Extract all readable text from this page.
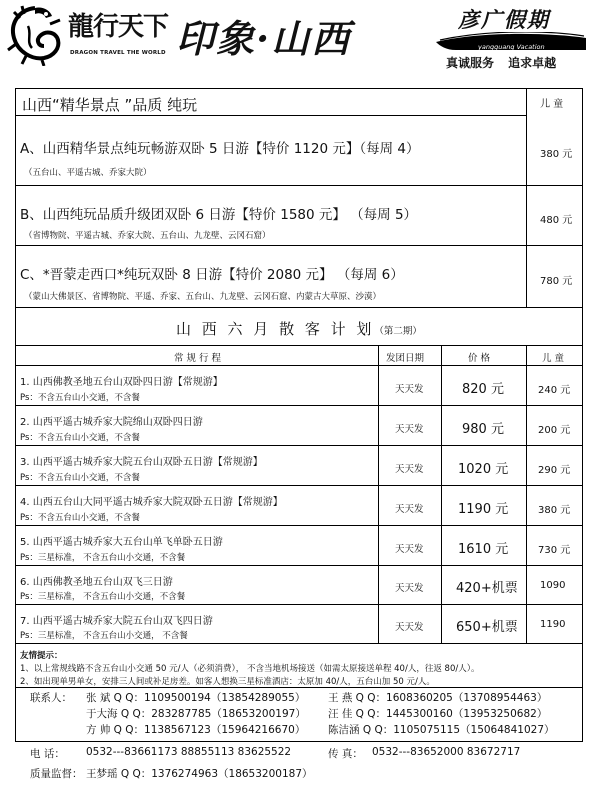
龍行天下
DRAGON TRAVEL THE WORLD 印象·山西	彦广假期
yangguang Vacation
真诚服务 追求卓越
山西“精华景点 ”品质 纯玩	儿 童
A、山西精华景点纯玩畅游双卧 5 日游【特价 1120 元】（每周 4）
（五台山、平遥古城、乔家大院）
380 元
B、山西纯玩品质升级团双卧 6 日游【特价 1580 元】 （每周 5）
（省博物院、平遥古城、乔家大院、五台山、九龙壁、云冈石窟）
480 元
C、*晋蒙走西口*纯玩双卧 8 日游【特价 2080 元】 （每周 6）
（蒙山大佛景区、省博物院、平遥、乔家、五台山、九龙壁、云冈石窟、内蒙古大草原、沙漠）
780 元
山 西 六 月 散 客 计 划（第二期）
常 规 行 程	发团日期	价 格	儿 童
1. 山西佛教圣地五台山双卧四日游【常规游】
Ps：不含五台山小交通，不含餐
天天发	820 元	240 元
2. 山西平遥古城乔家大院绵山双卧四日游
Ps：不含五台山小交通，不含餐
天天发	980 元	200 元
3. 山西平遥古城乔家大院五台山双卧五日游【常规游】
Ps：不含五台山小交通，不含餐
天天发	1020 元	290 元
4. 山西五台山大同平遥古城乔家大院双卧五日游【常规游】
Ps：不含五台山小交通，不含餐
天天发	1190 元	380 元
5. 山西平遥古城乔家大五台山单飞单卧五日游
Ps：三星标准， 不含五台山小交通，不含餐
天天发	1610 元	730 元
6. 山西佛教圣地五台山双飞三日游
Ps：三星标准， 不含五台山小交通，不含餐
天天发 420+机票 1090
7. 山西平遥古城乔家大院五台山双飞四日游
Ps：三星标准， 不含五台山小交通， 不含餐
天天发 650+机票 1190
友情提示：
1、以上常规线路不含五台山小交通 50 元/人（必须消费）， 不含当地机场接送（如需太原接送单程 40/人，往返 80/人）。
2、如出现单男单女，安排三人间或补足房差。如客人想换三星标准酒店：太原加 40/人，五台山加 50 元/人。
联系人： 张 斌 Q Q：1109500194（13854289055）
于大海 Q Q：283287785（18653200197）
方 帅 Q Q：1138567123（15964216670）
王 燕 Q Q：1608360205（13708954463）
汪 佳 Q Q：1445300160（13953250682）
陈洁涵 Q Q：1105075115（15064841027）
电 话： 0532---83661173 88855113 83625522	传 真： 0532---83652000 83672717
质量监督： 王梦瑶 Q Q：1376274963（18653200187）
